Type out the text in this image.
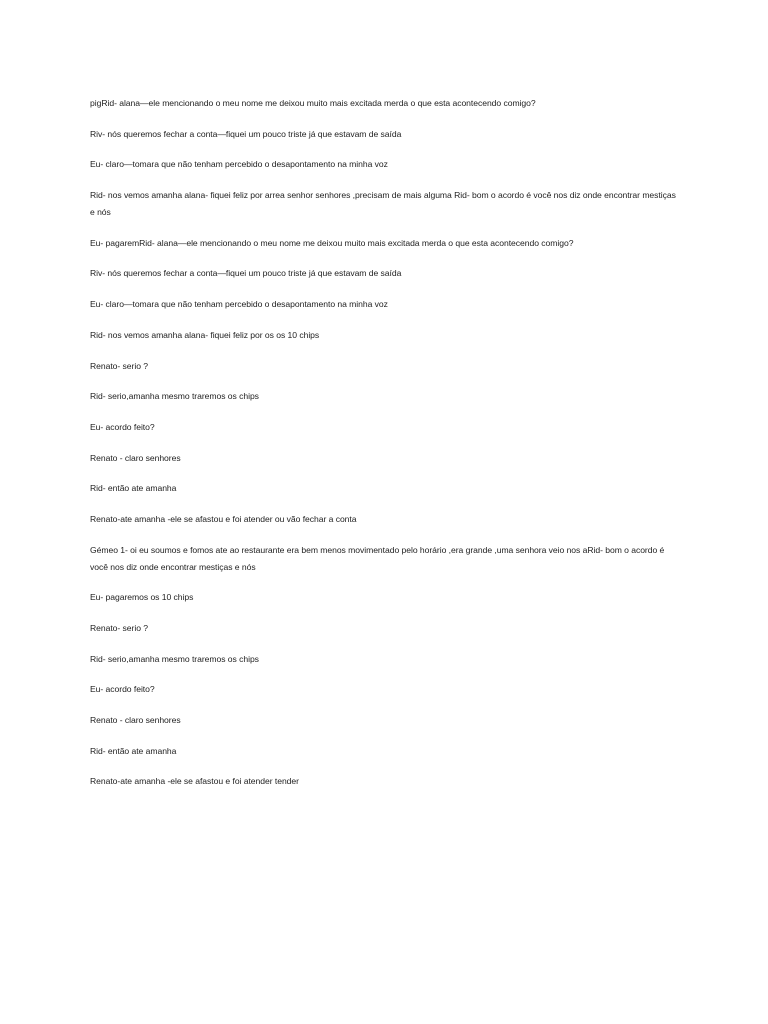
pigRid- alana—ele mencionando o meu nome me deixou muito mais excitada merda o que esta acontecendo comigo?

Riv- nós queremos fechar a conta—fiquei um pouco triste já que estavam de saída

Eu- claro—tomara que não tenham percebido o desapontamento na minha voz

Rid- nos vemos amanha alana- fiquei feliz por arrea senhor senhores ,precisam de mais alguma Rid- bom o acordo é você nos diz onde encontrar mestiças e nós

Eu- pagaremRid- alana—ele mencionando o meu nome me deixou muito mais excitada merda o que esta acontecendo comigo?

Riv- nós queremos fechar a conta—fiquei um pouco triste já que estavam de saída

Eu- claro—tomara que não tenham percebido o desapontamento na minha voz

Rid- nos vemos amanha alana- fiquei feliz por os os 10 chips

Renato- serio ?

Rid- serio,amanha mesmo traremos os chips

Eu- acordo feito?

Renato - claro senhores

Rid- então ate amanha

Renato-ate amanha -ele se afastou e foi atender ou vão fechar a conta

Gémeo 1- oi eu soumos e fomos ate ao restaurante era bem menos movimentado pelo horário ,era grande ,uma senhora veio nos aRid- bom o acordo é você nos diz onde encontrar mestiças e nós

Eu- pagaremos os 10 chips

Renato- serio ?

Rid- serio,amanha mesmo traremos os chips

Eu- acordo feito?

Renato - claro senhores

Rid- então ate amanha

Renato-ate amanha -ele se afastou e foi atender tender
